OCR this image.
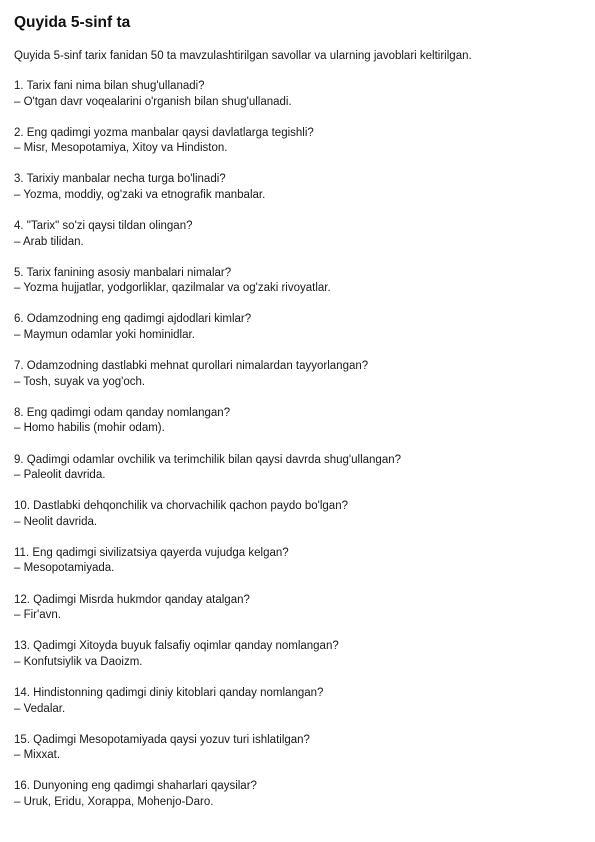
Quyida 5-sinf ta
Quyida 5-sinf tarix fanidan 50 ta mavzulashtirilgan savollar va ularning javoblari keltirilgan.
1. Tarix fani nima bilan shug'ullanadi?
– O'tgan davr voqealarini o'rganish bilan shug'ullanadi.
2. Eng qadimgi yozma manbalar qaysi davlatlarga tegishli?
– Misr, Mesopotamiya, Xitoy va Hindiston.
3. Tarixiy manbalar necha turga bo'linadi?
– Yozma, moddiy, og'zaki va etnografik manbalar.
4. "Tarix" so'zi qaysi tildan olingan?
– Arab tilidan.
5. Tarix fanining asosiy manbalari nimalar?
– Yozma hujjatlar, yodgorliklar, qazilmalar va og'zaki rivoyatlar.
6. Odamzodning eng qadimgi ajdodlari kimlar?
– Maymun odamlar yoki hominidlar.
7. Odamzodning dastlabki mehnat qurollari nimalardan tayyorlangan?
– Tosh, suyak va yog'och.
8. Eng qadimgi odam qanday nomlangan?
– Homo habilis (mohir odam).
9. Qadimgi odamlar ovchilik va terimchilik bilan qaysi davrda shug'ullangan?
– Paleolit davrida.
10. Dastlabki dehqonchilik va chorvachilik qachon paydo bo'lgan?
– Neolit davrida.
11. Eng qadimgi sivilizatsiya qayerda vujudga kelgan?
– Mesopotamiyada.
12. Qadimgi Misrda hukmdor qanday atalgan?
– Fir'avn.
13. Qadimgi Xitoyda buyuk falsafiy oqimlar qanday nomlangan?
– Konfutsiylik va Daoizm.
14. Hindistonning qadimgi diniy kitoblari qanday nomlangan?
– Vedalar.
15. Qadimgi Mesopotamiyada qaysi yozuv turi ishlatilgan?
– Mixxat.
16. Dunyoning eng qadimgi shaharlari qaysilar?
– Uruk, Eridu, Xorappa, Mohenjo-Daro.
